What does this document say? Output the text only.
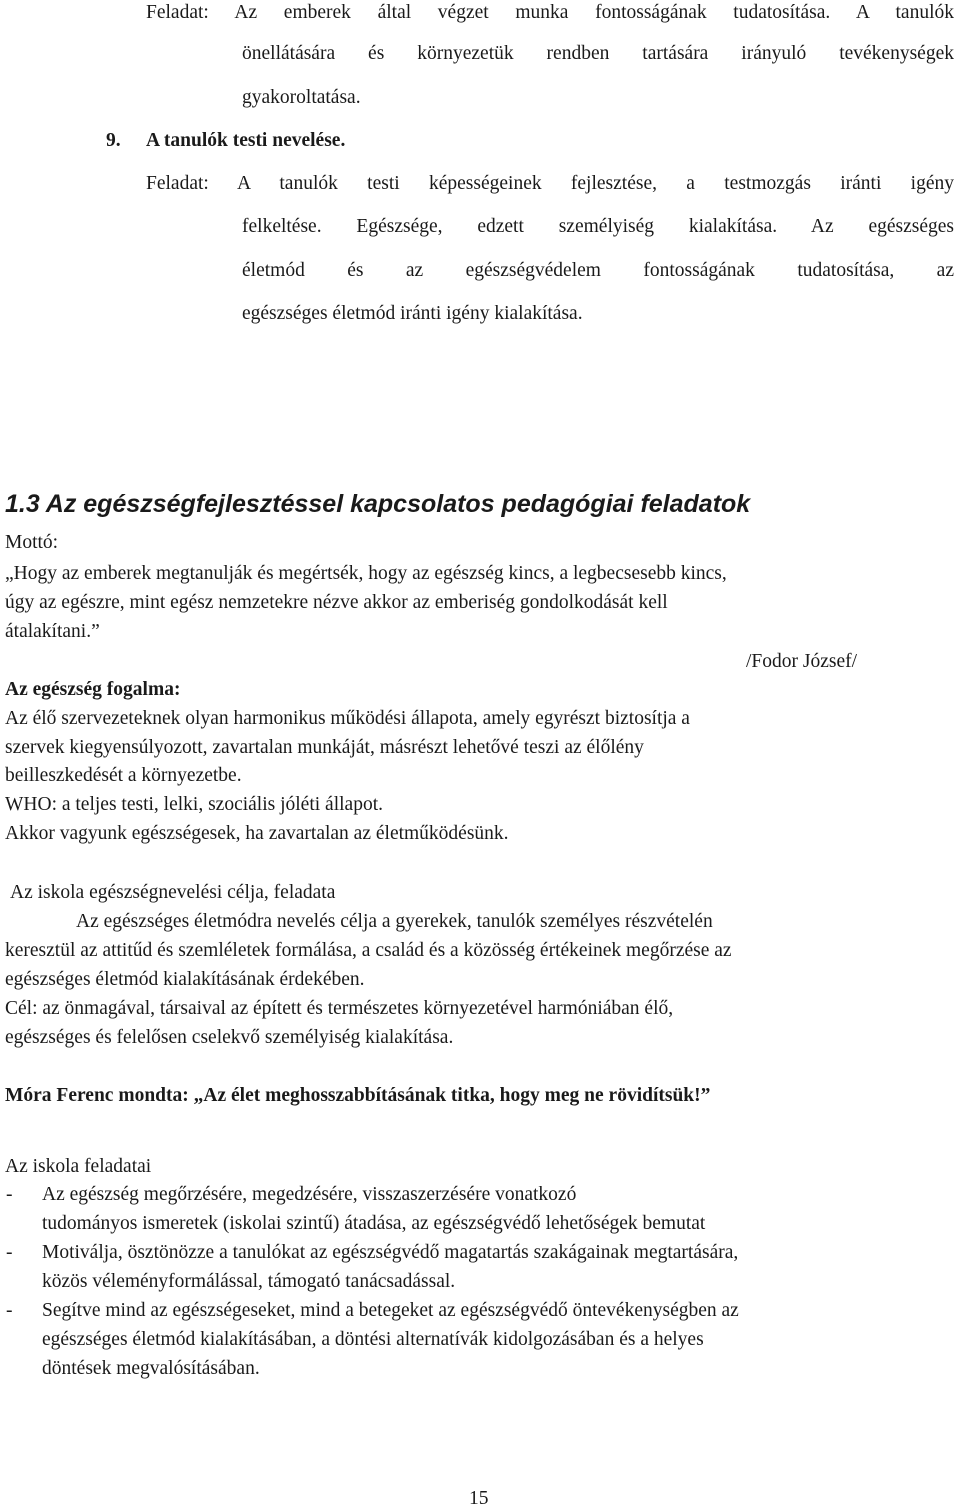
Feladat: Az emberek által végzet munka fontosságának tudatosítása. A tanulók
önellátására és környezetük rendben tartására irányuló tevékenységek
gyakoroltatása.
9. A tanulók testi nevelése.
Feladat: A tanulók testi képességeinek fejlesztése, a testmozgás iránti igény
felkeltése. Egészsége, edzett személyiség kialakítása. Az egészséges
életmód és az egészségvédelem fontosságának tudatosítása, az
egészséges életmód iránti igény kialakítása.
1.3 Az egészségfejlesztéssel kapcsolatos pedagógiai feladatok
Mottó:
„Hogy az emberek megtanulják és megértsék, hogy az egészség kincs, a legbecsesebb kincs,
úgy az egészre, mint egész nemzetekre nézve akkor az emberiség gondolkodását kell
átalakítani.”
/Fodor József/
Az egészség fogalma:
Az élő szervezeteknek olyan harmonikus működési állapota, amely egyrészt biztosítja a
szervek kiegyensúlyozott, zavartalan munkáját, másrészt lehetővé teszi az élőlény
beilleszkedését a környezetbe.
WHO: a teljes testi, lelki, szociális jóléti állapot.
Akkor vagyunk egészségesek, ha zavartalan az életműködésünk.
Az iskola egészségnevelési célja, feladata
Az egészséges életmódra nevelés célja a gyerekek, tanulók személyes részvételén
keresztül az attitűd és szemléletek formálása, a család és a közösség értékeinek megőrzése az
egészséges életmód kialakításának érdekében.
Cél: az önmagával, társaival az épített és természetes környezetével harmóniában élő,
egészséges és felelősen cselekvő személyiség kialakítása.
Móra Ferenc mondta: „Az élet meghosszabbításának titka, hogy meg ne rövidítsük!”
Az iskola feladatai
- Az egészség megőrzésére, megedzésére, visszaszerzésére vonatkozó
tudományos ismeretek (iskolai szintű) átadása, az egészségvédő lehetőségek bemutat
- Motiválja, ösztönözze a tanulókat az egészségvédő magatartás szakágainak megtartására,
közös véleményformálással, támogató tanácsadással.
- Segítve mind az egészségeseket, mind a betegeket az egészségvédő öntevékenységben az
egészséges életmód kialakításában, a döntési alternatívák kidolgozásában és a helyes
döntések megvalósításában.
15
